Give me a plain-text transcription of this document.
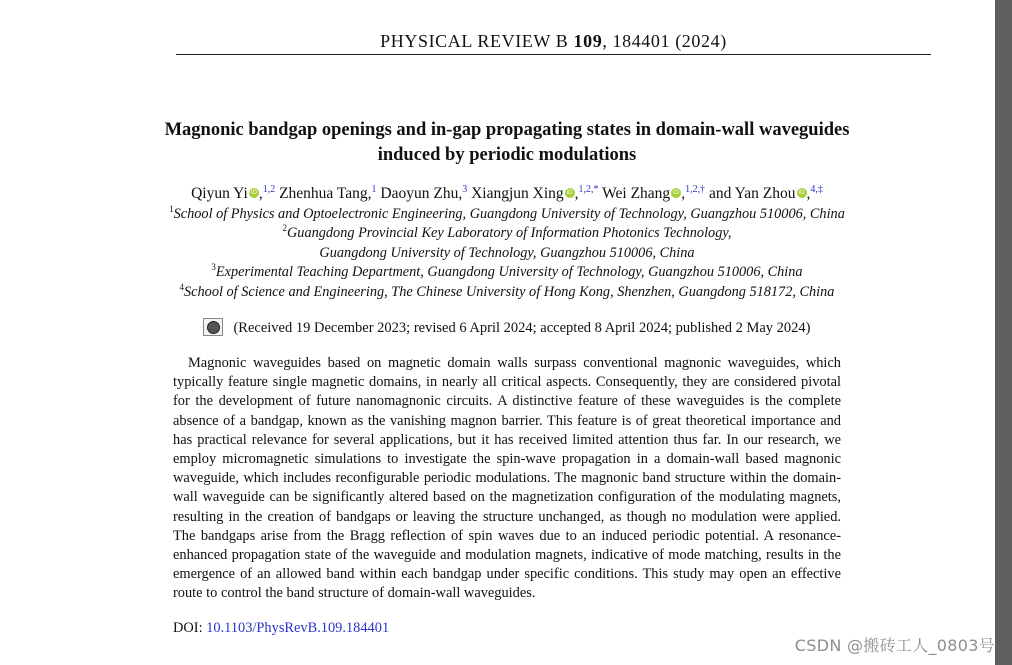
PHYSICAL REVIEW B 109, 184401 (2024)
Magnonic bandgap openings and in-gap propagating states in domain-wall waveguides induced by periodic modulations
Qiyun Yi iD ,$^{1,2}$ Zhenhua Tang,$^1$ Daoyun Zhu,$^3$ Xiangjun Xing iD ,$^{1,2,*}$ Wei Zhang iD ,$^{1,2,\dagger}$ and Yan Zhou iD ,$^{4,\ddagger}$
$^1$School of Physics and Optoelectronic Engineering, Guangdong University of Technology, Guangzhou 510006, China
$^2$Guangdong Provincial Key Laboratory of Information Photonics Technology,
Guangdong University of Technology, Guangzhou 510006, China
$^3$Experimental Teaching Department, Guangdong University of Technology, Guangzhou 510006, China
$^4$School of Science and Engineering, The Chinese University of Hong Kong, Shenzhen, Guangdong 518172, China
(Received 19 December 2023; revised 6 April 2024; accepted 8 April 2024; published 2 May 2024)

Magnonic waveguides based on magnetic domain walls surpass conventional magnonic waveguides, which typically feature single magnetic domains, in nearly all critical aspects. Consequently, they are considered pivotal for the development of future nanomagnonic circuits. A distinctive feature of these waveguides is the complete absence of a bandgap, known as the vanishing magnon barrier. This feature is of great theoretical importance and has practical relevance for several applications, but it has received limited attention thus far. In our research, we employ micromagnetic simulations to investigate the spin-wave propagation in a domain-wall based magnonic waveguide, which includes reconfigurable periodic modulations. The magnonic band structure within the domain-wall waveguide can be significantly altered based on the magnetization configuration of the modulating magnets, resulting in the creation of bandgaps or leaving the structure unchanged, as though no modulation were applied. The bandgaps arise from the Bragg reflection of spin waves due to an induced periodic potential. A resonance-enhanced propagation state of the waveguide and modulation magnets, indicative of mode matching, results in the emergence of an allowed band within each bandgap under specific conditions. This study may open an effective route to control the band structure of domain-wall waveguides.

DOI: 10.1103/PhysRevB.109.184401
CSDN @搬砖工人_0803号
